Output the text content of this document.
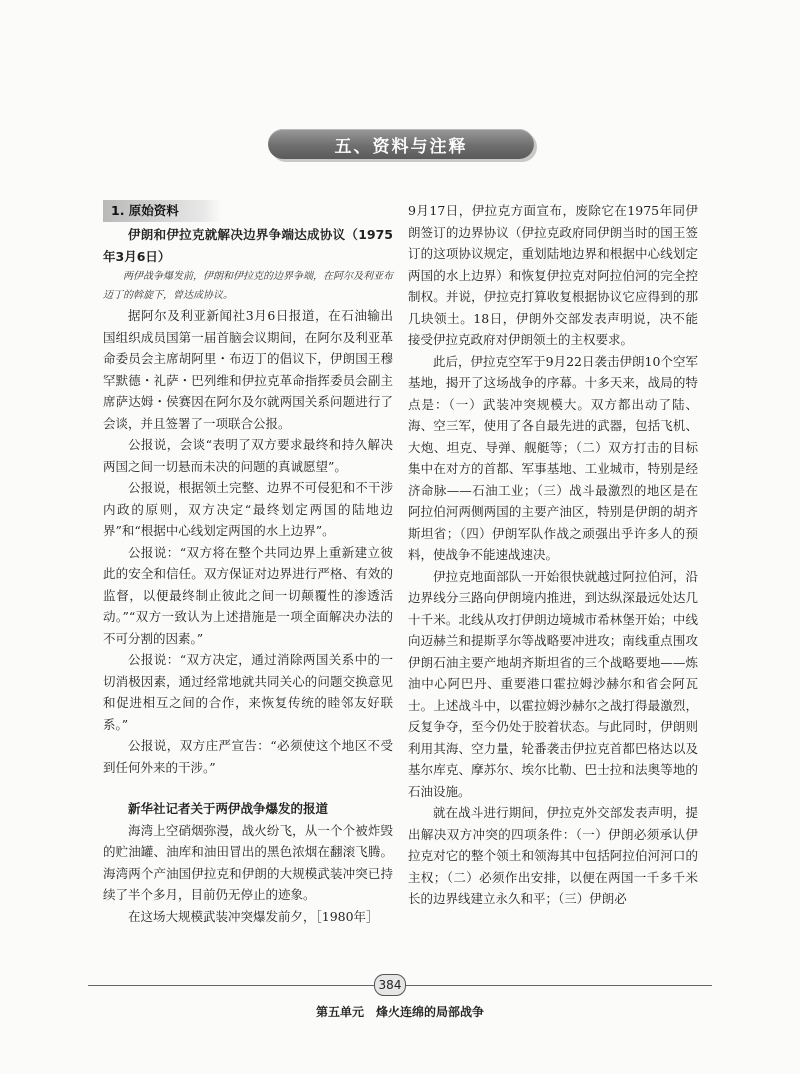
五、资料与注释
1. 原始资料

伊朗和伊拉克就解决边界争端达成协议（1975年3月6日）

两伊战争爆发前，伊朗和伊拉克的边界争端，在阿尔及利亚布迈丁的斡旋下，曾达成协议。

据阿尔及利亚新闻社3月6日报道，在石油输出国组织成员国第一届首脑会议期间，在阿尔及利亚革命委员会主席胡阿里・布迈丁的倡议下，伊朗国王穆罕默德・礼萨・巴列维和伊拉克革命指挥委员会副主席萨达姆・侯赛因在阿尔及尔就两国关系问题进行了会谈，并且签署了一项联合公报。

公报说，会谈“表明了双方要求最终和持久解决两国之间一切悬而未决的问题的真诚愿望”。

公报说，根据领土完整、边界不可侵犯和不干涉内政的原则，双方决定“最终划定两国的陆地边界”和“根据中心线划定两国的水上边界”。

公报说：“双方将在整个共同边界上重新建立彼此的安全和信任。双方保证对边界进行严格、有效的监督，以便最终制止彼此之间一切颠覆性的渗透活动。”“双方一致认为上述措施是一项全面解决办法的不可分割的因素。”

公报说：“双方决定，通过消除两国关系中的一切消极因素，通过经常地就共同关心的问题交换意见和促进相互之间的合作，来恢复传统的睦邻友好联系。”

公报说，双方庄严宣告：“必须使这个地区不受到任何外来的干涉。”

新华社记者关于两伊战争爆发的报道

海湾上空硝烟弥漫，战火纷飞，从一个个被炸毁的贮油罐、油库和油田冒出的黑色浓烟在翻滚飞腾。海湾两个产油国伊拉克和伊朗的大规模武装冲突已持续了半个多月，目前仍无停止的迹象。

在这场大规模武装冲突爆发前夕，［1980年］

9月17日，伊拉克方面宣布，废除它在1975年同伊朗签订的边界协议（伊拉克政府同伊朗当时的国王签订的这项协议规定，重划陆地边界和根据中心线划定两国的水上边界）和恢复伊拉克对阿拉伯河的完全控制权。并说，伊拉克打算收复根据协议它应得到的那几块领土。18日，伊朗外交部发表声明说，决不能接受伊拉克政府对伊朗领土的主权要求。

此后，伊拉克空军于9月22日袭击伊朗10个空军基地，揭开了这场战争的序幕。十多天来，战局的特点是：（一）武装冲突规模大。双方都出动了陆、海、空三军，使用了各自最先进的武器，包括飞机、大炮、坦克、导弹、舰艇等；（二）双方打击的目标集中在对方的首都、军事基地、工业城市，特别是经济命脉——石油工业；（三）战斗最激烈的地区是在阿拉伯河两侧两国的主要产油区，特别是伊朗的胡齐斯坦省；（四）伊朗军队作战之顽强出乎许多人的预料，使战争不能速战速决。

伊拉克地面部队一开始很快就越过阿拉伯河，沿边界线分三路向伊朗境内推进，到达纵深最远处达几十千米。北线从攻打伊朗边境城市希林堡开始；中线向迈赫兰和提斯孚尔等战略要冲进攻；南线重点围攻伊朗石油主要产地胡齐斯坦省的三个战略要地——炼油中心阿巴丹、重要港口霍拉姆沙赫尔和省会阿瓦士。上述战斗中，以霍拉姆沙赫尔之战打得最激烈，反复争夺，至今仍处于胶着状态。与此同时，伊朗则利用其海、空力量，轮番袭击伊拉克首都巴格达以及基尔库克、摩苏尔、埃尔比勒、巴士拉和法奥等地的石油设施。

就在战斗进行期间，伊拉克外交部发表声明，提出解决双方冲突的四项条件：（一）伊朗必须承认伊拉克对它的整个领土和领海其中包括阿拉伯河河口的主权；（二）必须作出安排，以便在两国一千多千米长的边界线建立永久和平；（三）伊朗必

384
第五单元　烽火连绵的局部战争
